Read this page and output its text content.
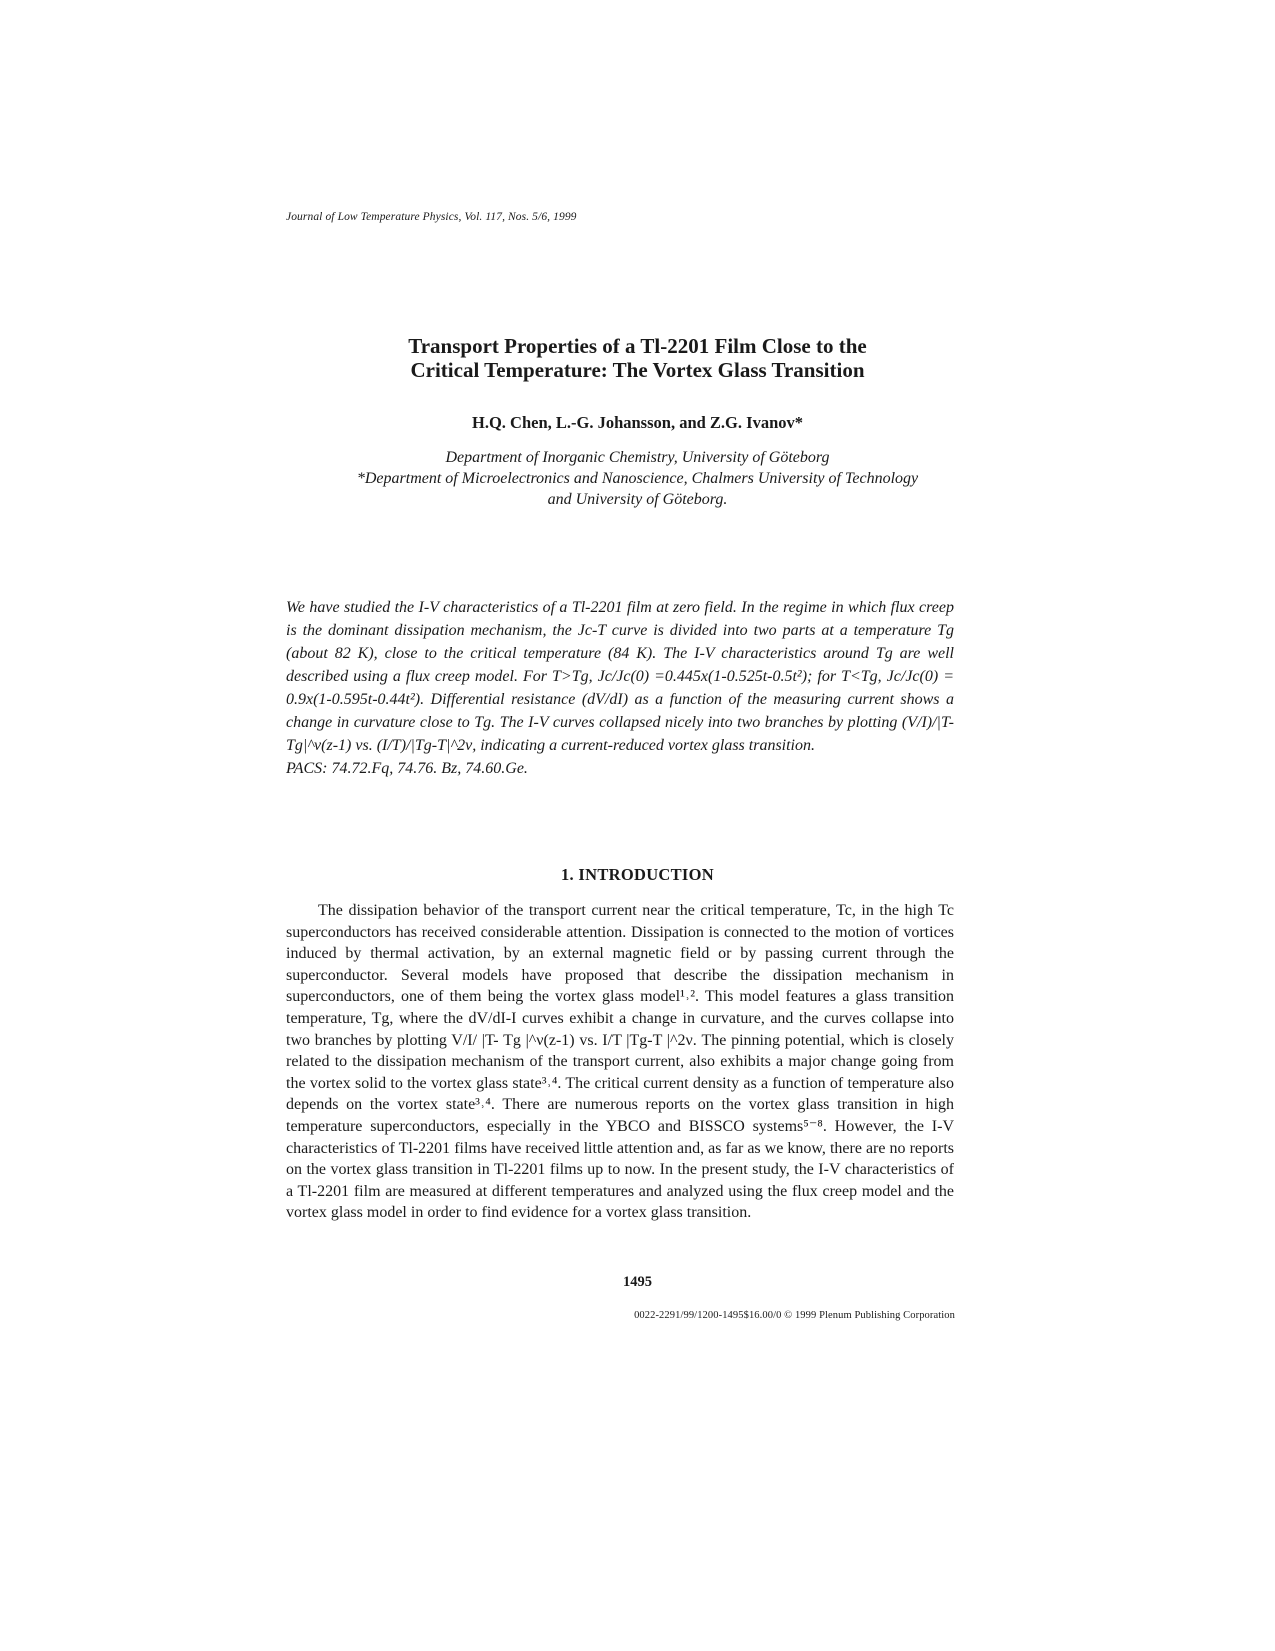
Journal of Low Temperature Physics, Vol. 117, Nos. 5/6, 1999
Transport Properties of a Tl-2201 Film Close to the
Critical Temperature: The Vortex Glass Transition
H.Q. Chen, L.-G. Johansson, and Z.G. Ivanov*
Department of Inorganic Chemistry, University of Göteborg
*Department of Microelectronics and Nanoscience, Chalmers University of Technology
and University of Göteborg.

We have studied the I-V characteristics of a Tl-2201 film at zero field. In the regime in which flux creep is the dominant dissipation mechanism, the Jc-T curve is divided into two parts at a temperature Tg (about 82 K), close to the critical temperature (84 K). The I-V characteristics around Tg are well described using a flux creep model. For T>Tg, Jc/Jc(0) =0.445x(1-0.525t-0.5t²); for T<Tg, Jc/Jc(0) = 0.9x(1-0.595t-0.44t²). Differential resistance (dV/dI) as a function of the measuring current shows a change in curvature close to Tg. The I-V curves collapsed nicely into two branches by plotting (V/I)/|T-Tg|^ν(z-1) vs. (I/T)/|Tg-T|^2ν, indicating a current-reduced vortex glass transition.

PACS: 74.72.Fq, 74.76. Bz, 74.60.Ge.

1. INTRODUCTION

The dissipation behavior of the transport current near the critical temperature, Tc, in the high Tc superconductors has received considerable attention. Dissipation is connected to the motion of vortices induced by thermal activation, by an external magnetic field or by passing current through the superconductor. Several models have proposed that describe the dissipation mechanism in superconductors, one of them being the vortex glass model¹˒². This model features a glass transition temperature, Tg, where the dV/dI-I curves exhibit a change in curvature, and the curves collapse into two branches by plotting V/I/ |T- Tg |^ν(z-1) vs. I/T |Tg-T |^2ν. The pinning potential, which is closely related to the dissipation mechanism of the transport current, also exhibits a major change going from the vortex solid to the vortex glass state³˒⁴. The critical current density as a function of temperature also depends on the vortex state³˒⁴. There are numerous reports on the vortex glass transition in high temperature superconductors, especially in the YBCO and BISSCO systems⁵⁻⁸. However, the I-V characteristics of Tl-2201 films have received little attention and, as far as we know, there are no reports on the vortex glass transition in Tl-2201 films up to now. In the present study, the I-V characteristics of a Tl-2201 film are measured at different temperatures and analyzed using the flux creep model and the vortex glass model in order to find evidence for a vortex glass transition.

1495
0022-2291/99/1200-1495$16.00/0 © 1999 Plenum Publishing Corporation
